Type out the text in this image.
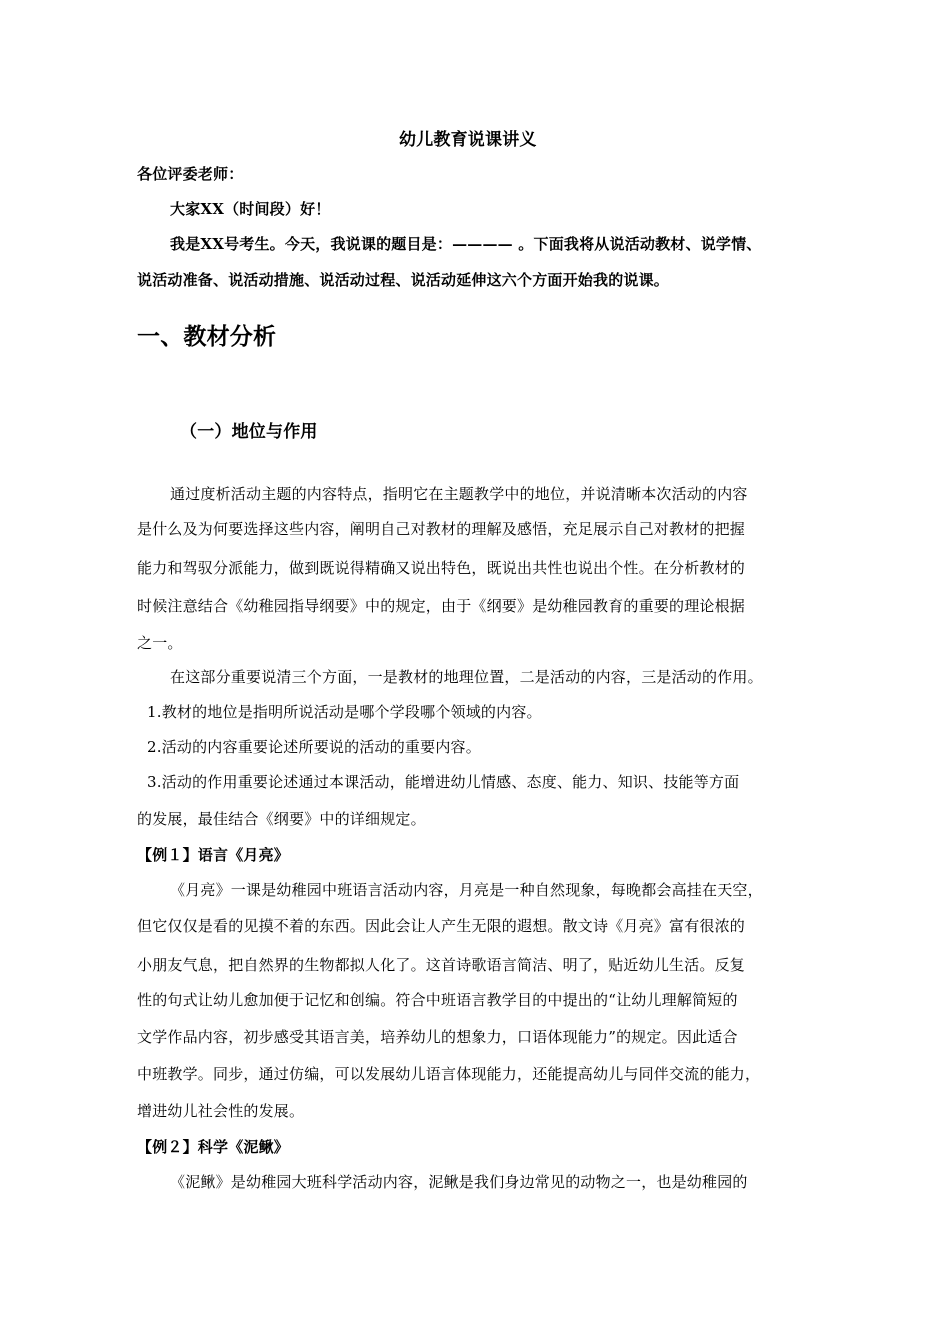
幼儿教育说课讲义
各位评委老师：
大家XX（时间段）好！
我是XX号考生。今天，我说课的题目是：———— 。下面我将从说活动教材、说学情、
说活动准备、说活动措施、说活动过程、说活动延伸这六个方面开始我的说课。
一、教材分析
（一）地位与作用
通过度析活动主题的内容特点，指明它在主题教学中的地位，并说清晰本次活动的内容
是什么及为何要选择这些内容，阐明自己对教材的理解及感悟，充足展示自己对教材的把握
能力和驾驭分派能力，做到既说得精确又说出特色，既说出共性也说出个性。在分析教材的
时候注意结合《幼稚园指导纲要》中的规定，由于《纲要》是幼稚园教育的重要的理论根据
之一。
在这部分重要说清三个方面，一是教材的地理位置，二是活动的内容，三是活动的作用。
1.教材的地位是指明所说活动是哪个学段哪个领域的内容。
2.活动的内容重要论述所要说的活动的重要内容。
3.活动的作用重要论述通过本课活动，能增进幼儿情感、态度、能力、知识、技能等方面
的发展，最佳结合《纲要》中的详细规定。
【例１】语言《月亮》
《月亮》一课是幼稚园中班语言活动内容，月亮是一种自然现象，每晚都会高挂在天空，
但它仅仅是看的见摸不着的东西。因此会让人产生无限的遐想。散文诗《月亮》富有很浓的
小朋友气息，把自然界的生物都拟人化了。这首诗歌语言简洁、明了，贴近幼儿生活。反复
性的句式让幼儿愈加便于记忆和创编。符合中班语言教学目的中提出的“让幼儿理解简短的
文学作品内容，初步感受其语言美，培养幼儿的想象力，口语体现能力”的规定。因此适合
中班教学。同步，通过仿编，可以发展幼儿语言体现能力，还能提高幼儿与同伴交流的能力，
增进幼儿社会性的发展。
【例２】科学《泥鳅》
《泥鳅》是幼稚园大班科学活动内容，泥鳅是我们身边常见的动物之一，也是幼稚园的
